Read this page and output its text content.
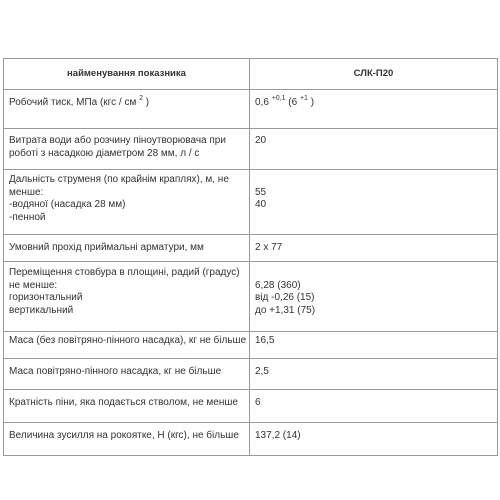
найменування показника	СЛК-П20
Робочий тиск, МПа (кгс / см $^2$ )	0,6 $^{+0,1}$ (6 $^{+1}$ )

Витрата води або розчину піноутворювача при
роботі з насадкою діаметром 28 мм, л / с	20

Дальність струменя (по крайнім краплях), м, не
менше:
-водяної (насадка 28 мм)
-пенной	55
40

Умовний прохід приймальні арматури, мм	2 х 77

Переміщення стовбура в площині, радий (градус)
не менше:
горизонтальний
вертикальний	6,28 (360)
від -0,26 (15)
до +1,31 (75)

Маса (без повітряно-пінного насадка), кг не більше	16,5

Маса повітряно-пінного насадка, кг не більше	2,5

Кратність піни, яка подається стволом, не менше	6

Величина зусилля на рокоятке, Н (кгс), не більше	137,2 (14)
